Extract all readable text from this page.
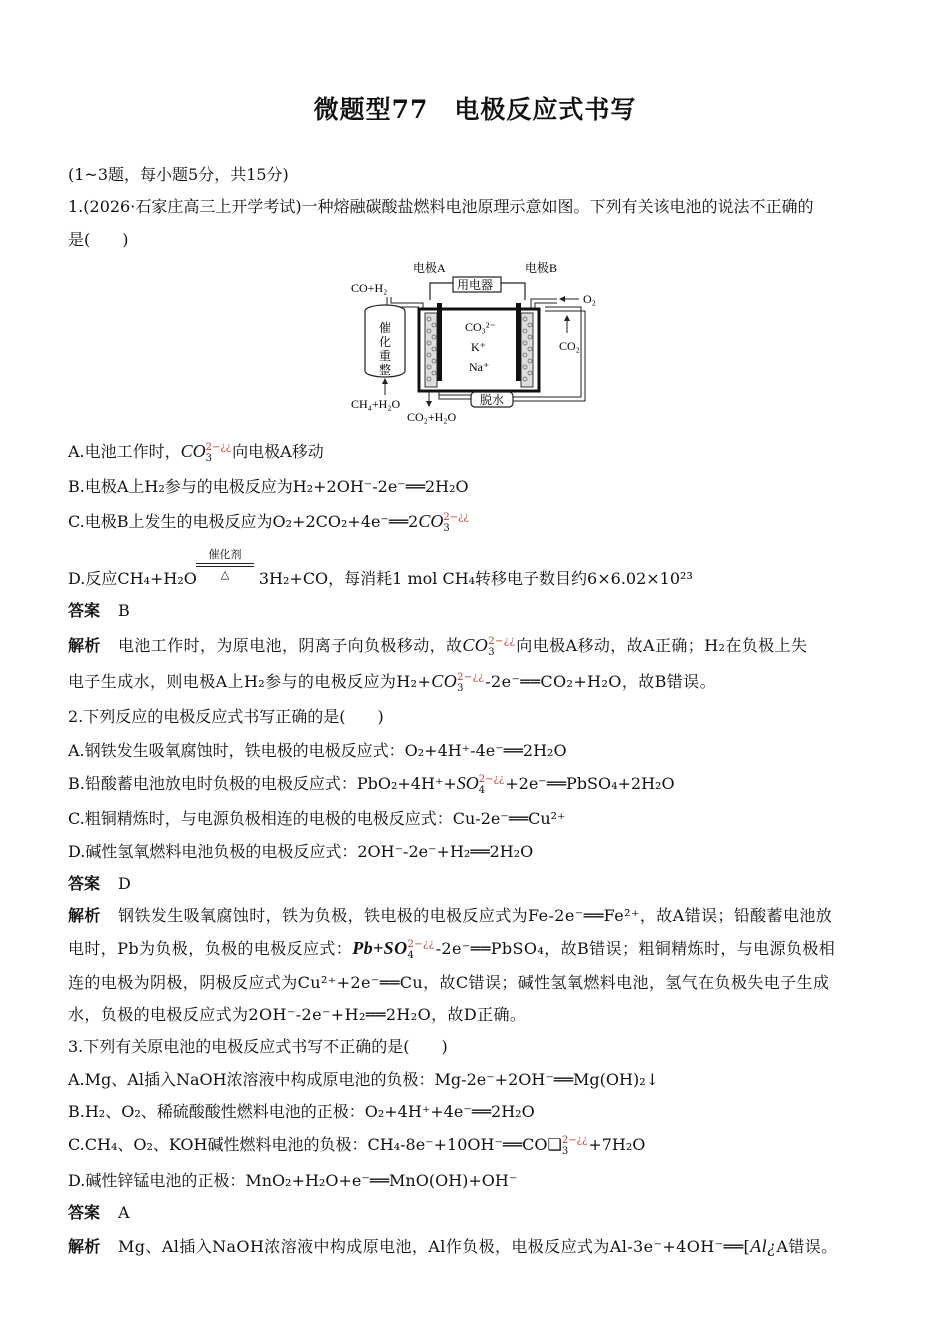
微题型77　电极反应式书写
(1~3题，每小题5分，共15分)
1.(2026·石家庄高三上开学考试)一种熔融碳酸盐燃料电池原理示意如图。下列有关该电池的说法不正确的
是(　　)
电极A	电极B
用电器
CO+H₂
催
化
重
整
CH₄+H₂O
CO₃²⁻
K⁺
Na⁺
O₂
CO₂
脱水
CO₂+H₂O
A.电池工作时，CO 2−¿¿
3	向电极A移动
B.电极A上H₂参与的电极反应为H₂+2OH⁻-2e⁻══2H₂O
C.电极B上发生的电极反应为O₂+2CO₂+4e⁻══2CO 2−¿¿
3
催化剂
△
D.反应CH₄+H₂O	3H₂+CO，每消耗1 mol CH₄转移电子数目约6×6.02×10²³
答案 B
解析 电池工作时，为原电池，阴离子向负极移动，故CO 2−¿¿
3	向电极A移动，故A正确；H₂在负极上失
电子生成水，则电极A上H₂参与的电极反应为H₂+CO 2−¿¿
3	-2e⁻══CO₂+H₂O，故B错误。
2.下列反应的电极反应式书写正确的是(　　)
A.钢铁发生吸氧腐蚀时，铁电极的电极反应式：O₂+4H⁺-4e⁻══2H₂O
B.铅酸蓄电池放电时负极的电极反应式：PbO₂+4H⁺+SO 2−¿¿
4	+2e⁻══PbSO₄+2H₂O
C.粗铜精炼时，与电源负极相连的电极的电极反应式：Cu-2e⁻══Cu²⁺
D.碱性氢氧燃料电池负极的电极反应式：2OH⁻-2e⁻+H₂══2H₂O
答案 D
解析 钢铁发生吸氧腐蚀时，铁为负极，铁电极的电极反应式为Fe-2e⁻══Fe²⁺，故A错误；铅酸蓄电池放
电时，Pb为负极，负极的电极反应式：Pb+SO 2−¿¿
4	-2e⁻══PbSO₄，故B错误；粗铜精炼时，与电源负极相
连的电极为阴极，阴极反应式为Cu²⁺+2e⁻══Cu，故C错误；碱性氢氧燃料电池，氢气在负极失电子生成
水，负极的电极反应式为2OH⁻-2e⁻+H₂══2H₂O，故D正确。
3.下列有关原电池的电极反应式书写不正确的是(　　)
A.Mg、Al插入NaOH浓溶液中构成原电池的负极：Mg-2e⁻+2OH⁻══Mg(OH)₂↓
B.H₂、O₂、稀硫酸酸性燃料电池的正极：O₂+4H⁺+4e⁻══2H₂O
C.CH₄、O₂、KOH碱性燃料电池的负极：CH₄-8e⁻+10OH⁻══CO❑ 2−¿¿
3	+7H₂O
D.碱性锌锰电池的正极：MnO₂+H₂O+e⁻══MnO(OH)+OH⁻
答案 A
解析 Mg、Al插入NaOH浓溶液中构成原电池，Al作负极，电极反应式为Al-3e⁻+4OH⁻══[Al¿A错误。
